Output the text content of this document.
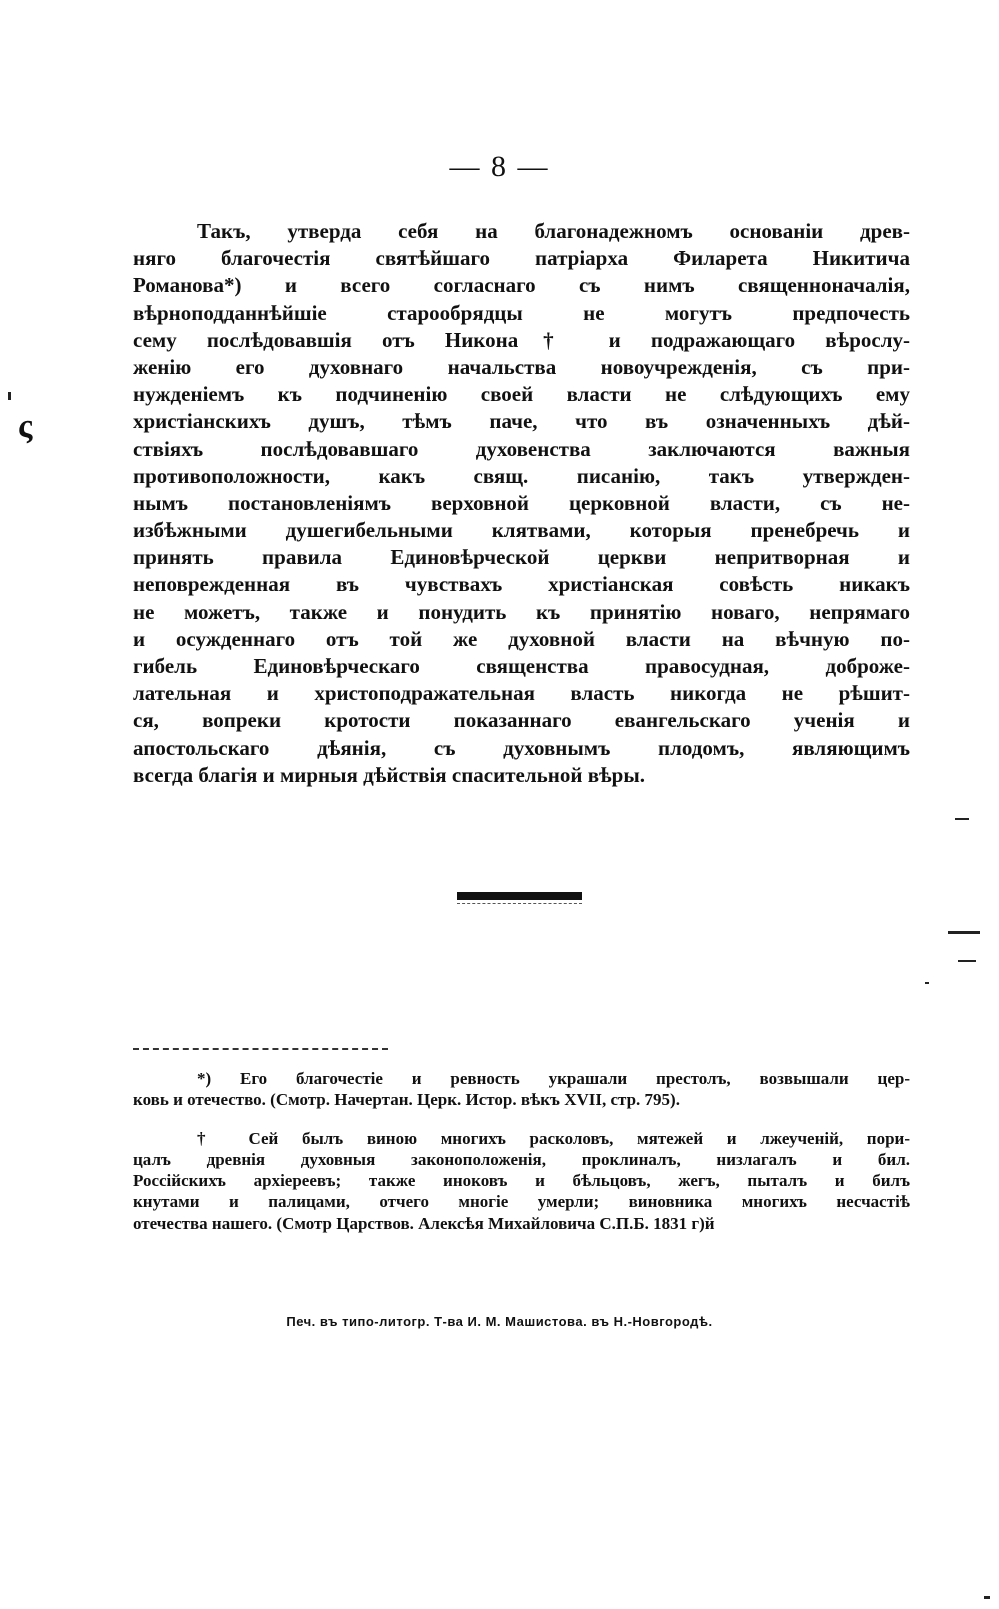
— 8 —
Такъ, утверда себя на благонадежномъ основаніи древ-
няго благочестія святѣйшаго патріарха Филарета Никитича
Романова*) и всего согласнаго съ нимъ священноначалія,
вѣрноподданнѣйшіе старообрядцы не могутъ предпочесть
сему послѣдовавшія отъ Никона† и подражающаго вѣрослу-
женію его духовнаго начальства новоучрежденія, съ при-
нужденіемъ къ подчиненію своей власти не слѣдующихъ ему
христіанскихъ душъ, тѣмъ паче, что въ означенныхъ дѣй-
ствіяхъ послѣдовавшаго духовенства заключаются важныя
противоположности, какъ свящ. писанію, такъ утвержден-
нымъ постановленіямъ верховной церковной власти, съ не-
избѣжными душегибельными клятвами, которыя пренебречь и
принять правила Единовѣрческой церкви непритворная и
неповрежденная въ чувствахъ христіанская совѣсть никакъ
не можетъ, также и понудить къ принятію новаго, непрямаго
и осужденнаго отъ той же духовной власти на вѣчную по-
гибель Единовѣрческаго священства правосудная, доброже-
лательная и христоподражательная власть никогда не рѣшит-
ся, вопреки кротости показаннаго евангельскаго ученія и
апостольскаго дѣянія, съ духовнымъ плодомъ, являющимъ
всегда благія и мирныя дѣйствія спасительной вѣры.
*) Его благочестіе и ревность украшали престолъ, возвышали цер-
ковь и отечество. (Смотр. Начертан. Церк. Истор. вѣкъ XVII, стр. 795).
† Сей былъ виною многихъ расколовъ, мятежей и лжеученій, пори-
цалъ древнія духовныя законоположенія, проклиналъ, низлагалъ и бил.
Россійскихъ архіереевъ; также иноковъ и бѣльцовъ, жегъ, пыталъ и билъ
кнутами и палицами, отчего многіе умерли; виновника многихъ несчастіѣ
отечества нашего. (Смотр Царствов. Алексѣя Михайловича С.П.Б. 1831 г)й
Печ. въ типо-литогр. Т-ва И. М. Машистова. въ Н.-Новгородѣ.
ς
